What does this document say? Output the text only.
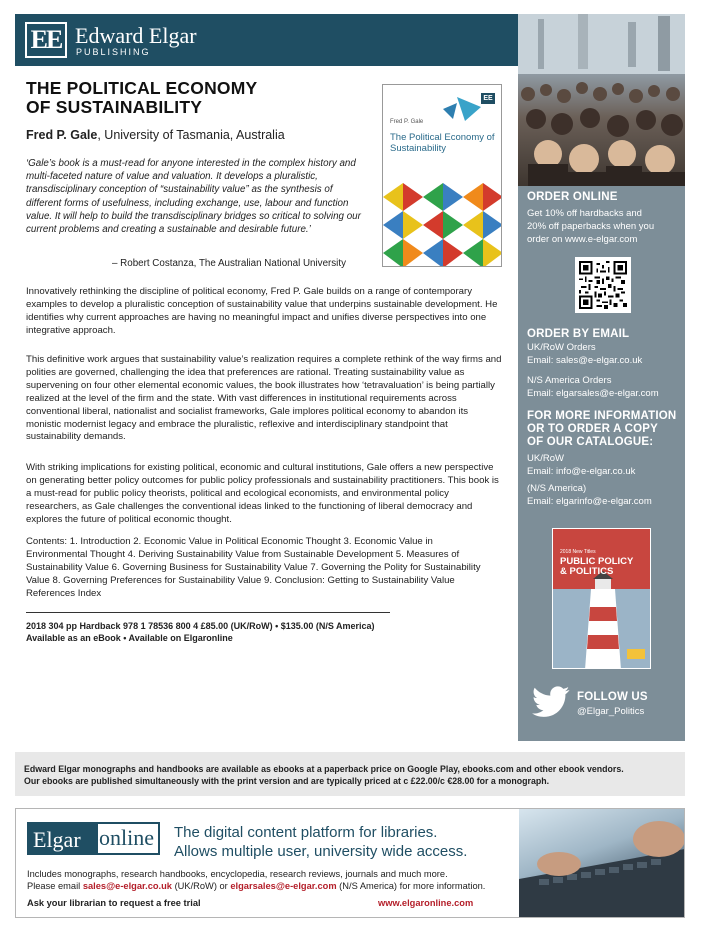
EE Edward Elgar
PUBLISHING
ORDER ONLINE
Get 10% off hardbacks and
20% off paperbacks when you
order on www.e-elgar.com
ORDER BY EMAIL
UK/RoW Orders
Email: sales@e-elgar.co.uk
N/S America Orders
Email: elgarsales@e-elgar.com
FOR MORE INFORMATION
OR TO ORDER A COPY
OF OUR CATALOGUE:
UK/RoW
Email: info@e-elgar.co.uk
(N/S America)
Email: elgarinfo@e-elgar.com
2018 New Titles
PUBLIC POLICY
& POLITICS
FOLLOW US
@Elgar_Politics
THE POLITICAL ECONOMY
OF SUSTAINABILITY
Fred P. Gale, University of Tasmania, Australia
‘Gale’s book is a must-read for anyone interested in the complex history and multi-faceted nature of value and valuation. It develops a pluralistic, transdisciplinary conception of “sustainability value” as the synthesis of different forms of usefulness, including exchange, use, labour and function value. It will help to build the transdisciplinary bridges so critical to solving our current problems and creating a sustainable and desirable future.’
– Robert Costanza, The Australian National University
EE
Fred P. Gale
The Political Economy of Sustainability
Innovatively rethinking the discipline of political economy, Fred P. Gale builds on a range of contemporary examples to develop a pluralistic conception of sustainability value that underpins sustainable development. He identifies why current approaches are having no meaningful impact and unifies diverse perspectives into one integrative approach.
This definitive work argues that sustainability value’s realization requires a complete rethink of the way firms and polities are governed, challenging the idea that preferences are rational. Treating sustainability value as supervening on four other elemental economic values, the book illustrates how ‘tetravaluation’ is being partially realized at the level of the firm and the state. With vast differences in institutional requirements across conventional liberal, nationalist and socialist frameworks, Gale implores political economy to abandon its monistic modernist legacy and embrace the pluralistic, reflexive and interdisciplinary standpoint that sustainability demands.
With striking implications for existing political, economic and cultural institutions, Gale offers a new perspective on generating better policy outcomes for public policy professionals and sustainability practitioners. This book is a must-read for public policy theorists, political and ecological economists, and environmental policy researchers, as Gale challenges the conventional ideas linked to the functioning of liberal democracy and explores the future of political economic thought.
Contents: 1. Introduction 2. Economic Value in Political Economic Thought 3. Economic Value in Environmental Thought 4. Deriving Sustainability Value from Sustainable Development 5. Measures of Sustainability Value 6. Governing Business for Sustainability Value 7. Governing the Polity for Sustainability Value 8. Governing Preferences for Sustainability Value 9. Conclusion: Getting to Sustainability Value References Index
2018 304 pp Hardback 978 1 78536 800 4 £85.00 (UK/RoW) • $135.00 (N/S America)
Available as an eBook • Available on Elgaronline

Edward Elgar monographs and handbooks are available as ebooks at a paperback price on Google Play, ebooks.com and other ebook vendors.

Our ebooks are published simultaneously with the print version and are typically priced at c £22.00/c €28.00 for a monograph.

Elgar online The digital content platform for libraries.
Allows multiple user, university wide access.
Includes monographs, research handbooks, encyclopedia, research reviews, journals and much more.
Please email sales@e-elgar.co.uk (UK/RoW) or elgarsales@e-elgar.com (N/S America) for more information.
Ask your librarian to request a free trial	www.elgaronline.com
